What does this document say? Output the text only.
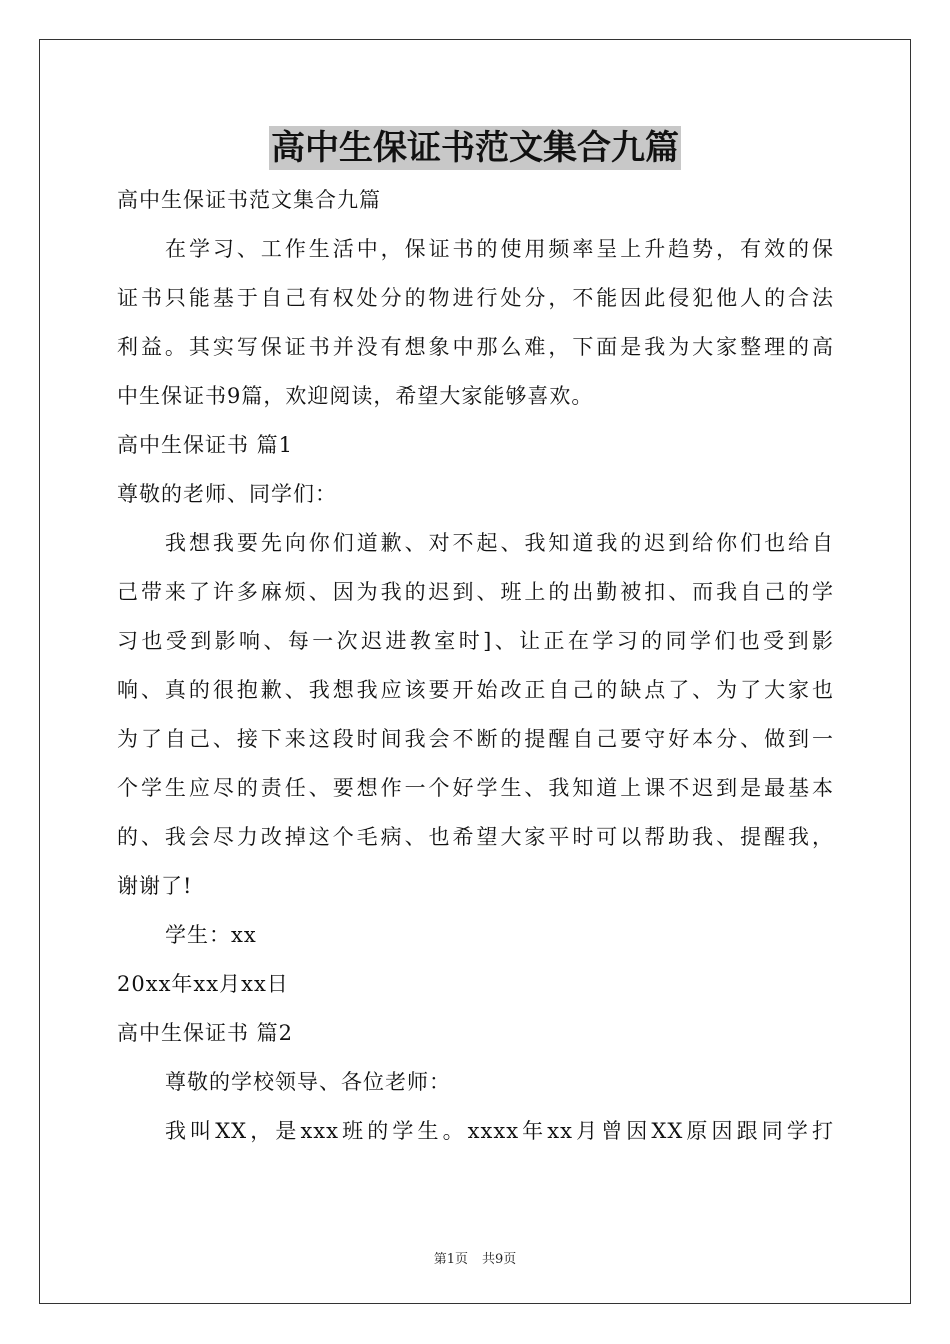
高中生保证书范文集合九篇
高中生保证书范文集合九篇
在学习、工作生活中，保证书的使用频率呈上升趋势，有效的保
证书只能基于自己有权处分的物进行处分，不能因此侵犯他人的合法
利益。其实写保证书并没有想象中那么难，下面是我为大家整理的高
中生保证书9篇，欢迎阅读，希望大家能够喜欢。
高中生保证书 篇1
尊敬的老师、同学们：
我想我要先向你们道歉、对不起、我知道我的迟到给你们也给自
己带来了许多麻烦、因为我的迟到、班上的出勤被扣、而我自己的学
习也受到影响、每一次迟进教室时]、让正在学习的同学们也受到影
响、真的很抱歉、我想我应该要开始改正自己的缺点了、为了大家也
为了自己、接下来这段时间我会不断的提醒自己要守好本分、做到一
个学生应尽的责任、要想作一个好学生、我知道上课不迟到是最基本
的、我会尽力改掉这个毛病、也希望大家平时可以帮助我、提醒我，
谢谢了!
学生：xx
20xx年xx月xx日
高中生保证书 篇2
尊敬的学校领导、各位老师：
我叫XX，是xxx班的学生。xxxx年xx月曾因XX原因跟同学打
第1页 共9页
